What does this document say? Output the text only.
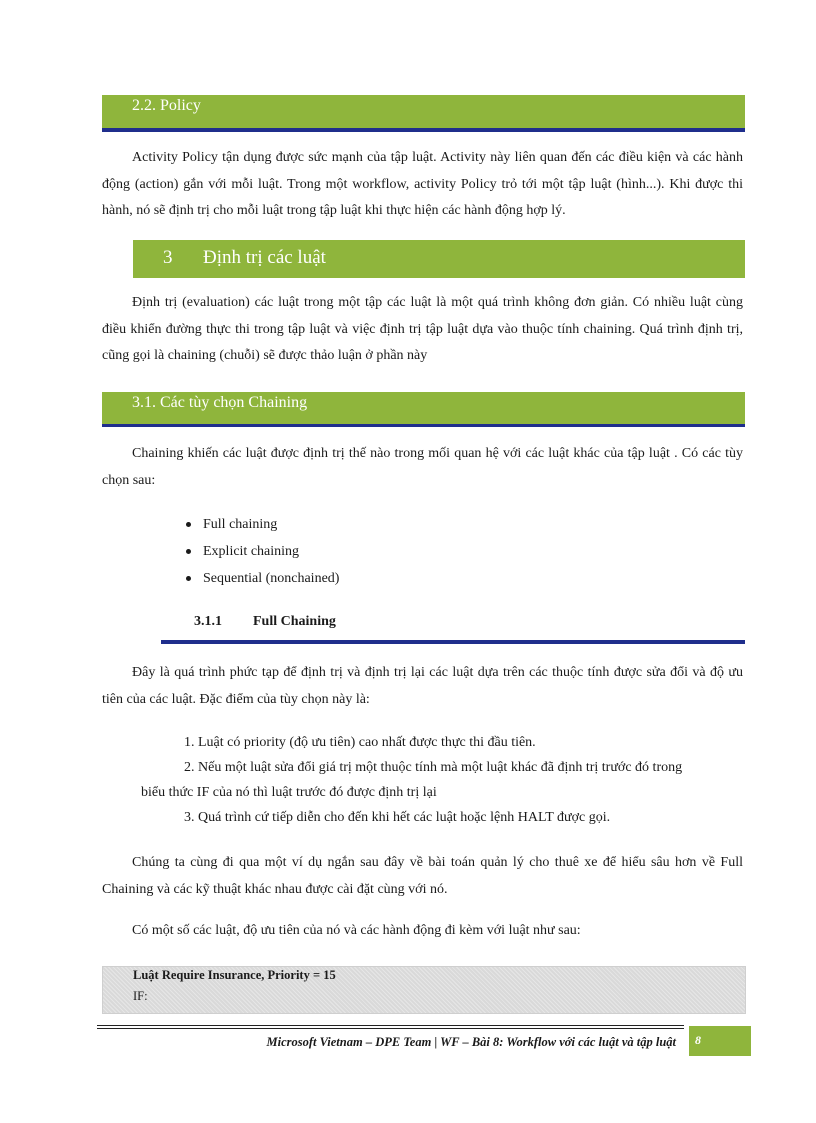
2.2. Policy
Activity Policy tận dụng được sức mạnh của tập luật. Activity này liên quan đến các điều kiện và các hành động (action) gắn với mỗi luật. Trong một workflow, activity Policy trỏ tới một tập luật (hình...). Khi được thi hành, nó sẽ định trị cho mỗi luật trong tập luật khi thực hiện các hành động hợp lý.
3 Định trị các luật
Định trị (evaluation) các luật trong một tập các luật là một quá trình không đơn giản. Có nhiều luật cùng điều khiển đường thực thi trong tập luật và việc định trị tập luật dựa vào thuộc tính chaining. Quá trình định trị, cũng gọi là chaining (chuỗi) sẽ được thảo luận ở phần này
3.1. Các tùy chọn Chaining
Chaining khiến các luật được định trị thế nào trong mối quan hệ với các luật khác của tập luật . Có các tùy chọn sau:
Full chaining
Explicit chaining
Sequential (nonchained)
3.1.1 Full Chaining
Đây là quá trình phức tạp để định trị và định trị lại các luật dựa trên các thuộc tính được sửa đổi và độ ưu tiên của các luật. Đặc điểm của tùy chọn này là:
1. Luật có priority (độ ưu tiên) cao nhất được thực thi đầu tiên.
2. Nếu một luật sửa đổi giá trị một thuộc tính mà một luật khác đã định trị trước đó trong
biểu thức IF của nó thì luật trước đó được định trị lại
3. Quá trình cứ tiếp diễn cho đến khi hết các luật hoặc lệnh HALT được gọi.
Chúng ta cùng đi qua một ví dụ ngắn sau đây về bài toán quản lý cho thuê xe để hiểu sâu hơn về Full Chaining và các kỹ thuật khác nhau được cài đặt cùng với nó.
Có một số các luật, độ ưu tiên của nó và các hành động đi kèm với luật như sau:
Luật Require Insurance, Priority = 15
IF:
Microsoft Vietnam – DPE Team | WF – Bài 8: Workflow với các luật và tập luật 8
